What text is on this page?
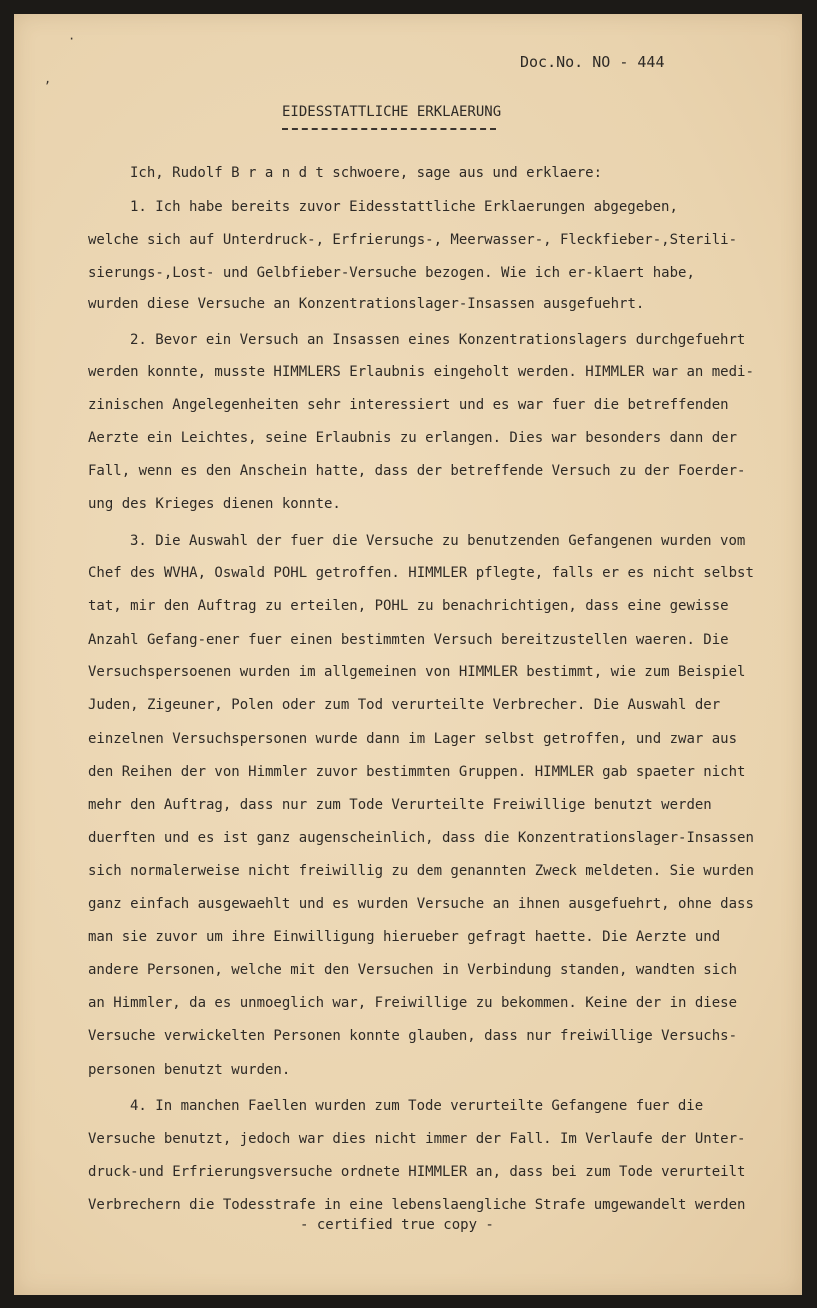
·
,
Doc.No. NO - 444
EIDESSTATTLICHE ERKLAERUNG
Ich, Rudolf B r a n d t schwoere, sage aus und erklaere:
1. Ich habe bereits zuvor Eidesstattliche Erklaerungen abgegeben,
welche sich auf Unterdruck-, Erfrierungs-, Meerwasser-, Fleckfieber-,Sterili-
sierungs-,Lost- und Gelbfieber-Versuche bezogen. Wie ich er-klaert habe,
wurden diese Versuche an Konzentrationslager-Insassen ausgefuehrt.
2. Bevor ein Versuch an Insassen eines Konzentrationslagers durchgefuehrt
werden konnte, musste HIMMLERS Erlaubnis eingeholt werden. HIMMLER war an medi-
zinischen Angelegenheiten sehr interessiert und es war fuer die betreffenden
Aerzte ein Leichtes, seine Erlaubnis zu erlangen. Dies war besonders dann der
Fall, wenn es den Anschein hatte, dass der betreffende Versuch zu der Foerder-
ung des Krieges dienen konnte.
3. Die Auswahl der fuer die Versuche zu benutzenden Gefangenen wurden vom
Chef des WVHA, Oswald POHL getroffen. HIMMLER pflegte, falls er es nicht selbst
tat, mir den Auftrag zu erteilen, POHL zu benachrichtigen, dass eine gewisse
Anzahl Gefang-ener fuer einen bestimmten Versuch bereitzustellen waeren. Die
Versuchspersoenen wurden im allgemeinen von HIMMLER bestimmt, wie zum Beispiel
Juden, Zigeuner, Polen oder zum Tod verurteilte Verbrecher. Die Auswahl der
einzelnen Versuchspersonen wurde dann im Lager selbst getroffen, und zwar aus
den Reihen der von Himmler zuvor bestimmten Gruppen. HIMMLER gab spaeter nicht
mehr den Auftrag, dass nur zum Tode Verurteilte Freiwillige benutzt werden
duerften und es ist ganz augenscheinlich, dass die Konzentrationslager-Insassen
sich normalerweise nicht freiwillig zu dem genannten Zweck meldeten. Sie wurden
ganz einfach ausgewaehlt und es wurden Versuche an ihnen ausgefuehrt, ohne dass
man sie zuvor um ihre Einwilligung hierueber gefragt haette. Die Aerzte und
andere Personen, welche mit den Versuchen in Verbindung standen, wandten sich
an Himmler, da es unmoeglich war, Freiwillige zu bekommen. Keine der in diese
Versuche verwickelten Personen konnte glauben, dass nur freiwillige Versuchs-
personen benutzt wurden.
4. In manchen Faellen wurden zum Tode verurteilte Gefangene fuer die
Versuche benutzt, jedoch war dies nicht immer der Fall. Im Verlaufe der Unter-
druck-und Erfrierungsversuche ordnete HIMMLER an, dass bei zum Tode verurteilt
Verbrechern die Todesstrafe in eine lebenslaengliche Strafe umgewandelt werden
- certified true copy -
